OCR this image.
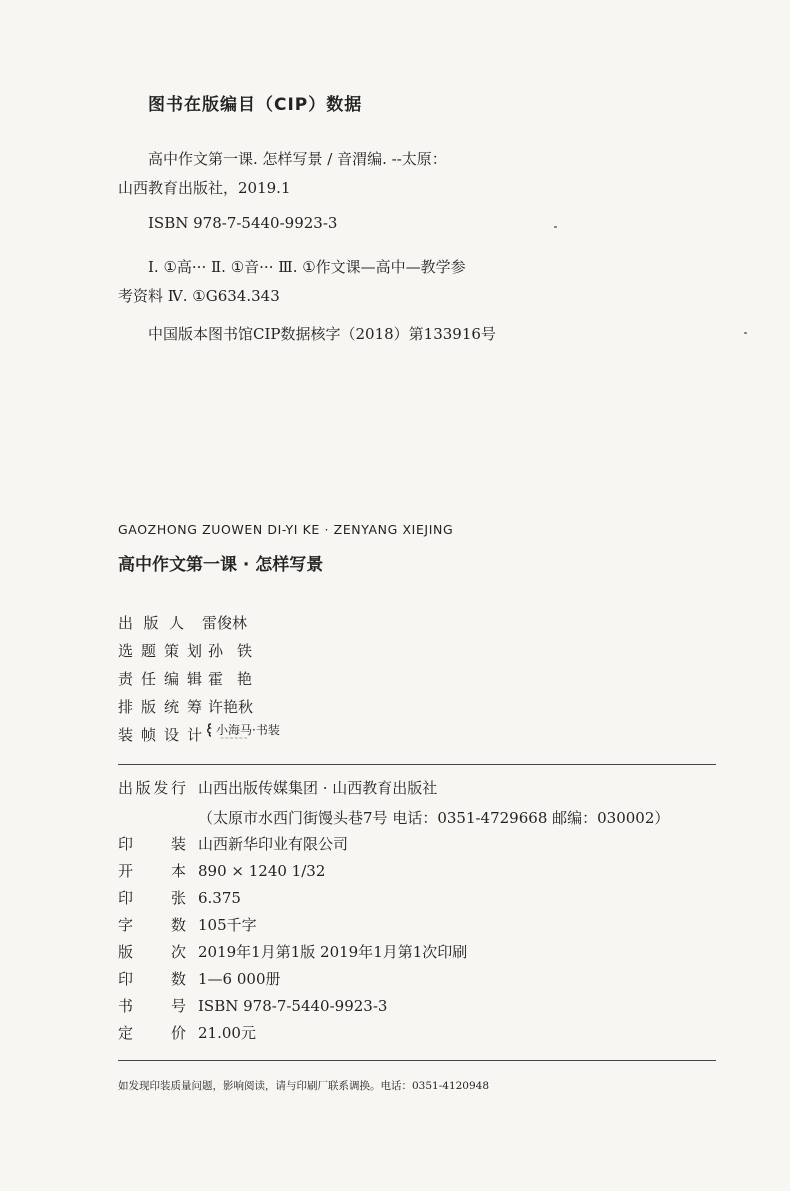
图书在版编目（CIP）数据
高中作文第一课. 怎样写景 / 音渭编. --太原：
山西教育出版社，2019.1
ISBN 978-7-5440-9923-3
Ⅰ. ①高··· Ⅱ. ①音··· Ⅲ. ①作文课—高中—教学参
考资料 Ⅳ. ①G634.343
中国版本图书馆CIP数据核字（2018）第133916号
GAOZHONG ZUOWEN DI-YI KE · ZENYANG XIEJING
高中作文第一课 · 怎样写景
出版人 雷俊林
选题策划 孙铁
责任编辑 霍艳
排版统筹 许艳秋
装帧设计	小海马·书装
~~~~~~
出版发行 山西出版传媒集团 · 山西教育出版社
（太原市水西门街馒头巷7号 电话：0351-4729668 邮编：030002）
印装 山西新华印业有限公司
开本 890 × 1240 1/32
印张 6.375
字数 105千字
版次 2019年1月第1版 2019年1月第1次印刷
印数 1—6 000册
书号 ISBN 978-7-5440-9923-3
定价 21.00元
如发现印装质量问题，影响阅读，请与印刷厂联系调换。电话：0351-4120948
